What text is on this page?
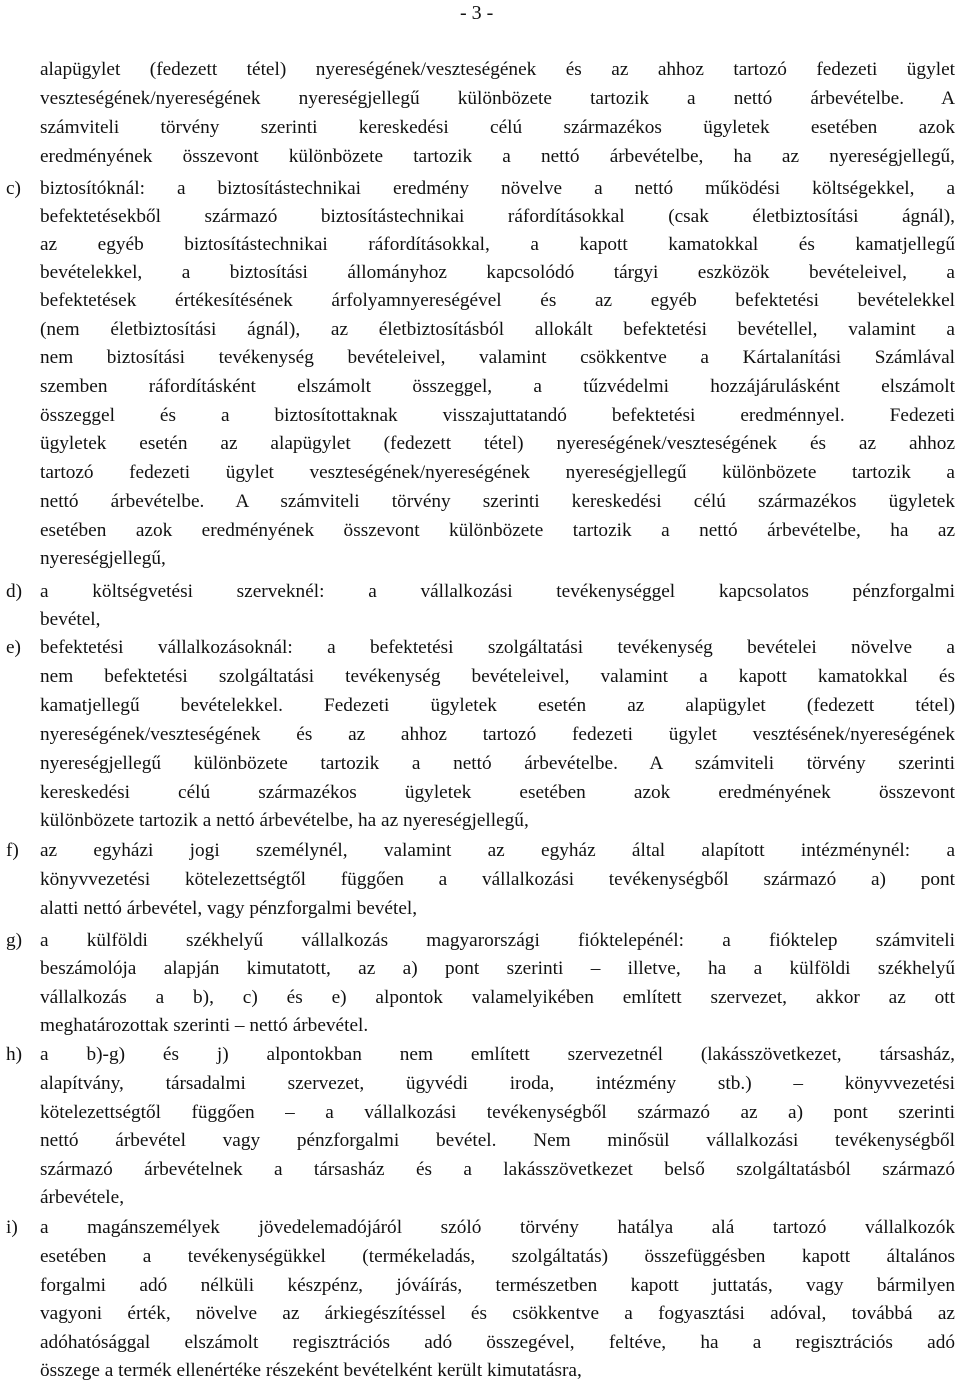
- 3 -
c)
d)
e)
f)
g)
h)
i)
alapügylet (fedezett tétel) nyereségének/veszteségének és az ahhoz tartozó fedezeti ügylet
veszteségének/nyereségének nyereségjellegű különbözete tartozik a nettó árbevételbe. A
számviteli törvény szerinti kereskedési célú származékos ügyletek esetében azok
eredményének összevont különbözete tartozik a nettó árbevételbe, ha az nyereségjellegű,
biztosítóknál: a biztosítástechnikai eredmény növelve a nettó működési költségekkel, a
befektetésekből származó biztosítástechnikai ráfordításokkal (csak életbiztosítási ágnál),
az egyéb biztosítástechnikai ráfordításokkal, a kapott kamatokkal és kamatjellegű
bevételekkel, a biztosítási állományhoz kapcsolódó tárgyi eszközök bevételeivel, a
befektetések értékesítésének árfolyamnyereségével és az egyéb befektetési bevételekkel
(nem életbiztosítási ágnál), az életbiztosításból allokált befektetési bevétellel, valamint a
nem biztosítási tevékenység bevételeivel, valamint csökkentve a Kártalanítási Számlával
szemben ráfordításként elszámolt összeggel, a tűzvédelmi hozzájárulásként elszámolt
összeggel és a biztosítottaknak visszajuttatandó befektetési eredménnyel. Fedezeti
ügyletek esetén az alapügylet (fedezett tétel) nyereségének/veszteségének és az ahhoz
tartozó fedezeti ügylet veszteségének/nyereségének nyereségjellegű különbözete tartozik a
nettó árbevételbe. A számviteli törvény szerinti kereskedési célú származékos ügyletek
esetében azok eredményének összevont különbözete tartozik a nettó árbevételbe, ha az
nyereségjellegű,
a költségvetési szerveknél: a vállalkozási tevékenységgel kapcsolatos pénzforgalmi
bevétel,
befektetési vállalkozásoknál: a befektetési szolgáltatási tevékenység bevételei növelve a
nem befektetési szolgáltatási tevékenység bevételeivel, valamint a kapott kamatokkal és
kamatjellegű bevételekkel. Fedezeti ügyletek esetén az alapügylet (fedezett tétel)
nyereségének/veszteségének és az ahhoz tartozó fedezeti ügylet vesztésének/nyereségének
nyereségjellegű különbözete tartozik a nettó árbevételbe. A számviteli törvény szerinti
kereskedési célú származékos ügyletek esetében azok eredményének összevont
különbözete tartozik a nettó árbevételbe, ha az nyereségjellegű,
az egyházi jogi személynél, valamint az egyház által alapított intézménynél: a
könyvvezetési kötelezettségtől függően a vállalkozási tevékenységből származó a) pont
alatti nettó árbevétel, vagy pénzforgalmi bevétel,
a külföldi székhelyű vállalkozás magyarországi fióktelepénél: a fióktelep számviteli
beszámolója alapján kimutatott, az a) pont szerinti – illetve, ha a külföldi székhelyű
vállalkozás a b), c) és e) alpontok valamelyikében említett szervezet, akkor az ott
meghatározottak szerinti – nettó árbevétel.
a b)-g) és j) alpontokban nem említett szervezetnél (lakásszövetkezet, társasház,
alapítvány, társadalmi szervezet, ügyvédi iroda, intézmény stb.) – könyvvezetési
kötelezettségtől függően – a vállalkozási tevékenységből származó az a) pont szerinti
nettó árbevétel vagy pénzforgalmi bevétel. Nem minősül vállalkozási tevékenységből
származó árbevételnek a társasház és a lakásszövetkezet belső szolgáltatásból származó
árbevétele,
a magánszemélyek jövedelemadójáról szóló törvény hatálya alá tartozó vállalkozók
esetében a tevékenységükkel (termékeladás, szolgáltatás) összefüggésben kapott általános
forgalmi adó nélküli készpénz, jóváírás, természetben kapott juttatás, vagy bármilyen
vagyoni érték, növelve az árkiegészítéssel és csökkentve a fogyasztási adóval, továbbá az
adóhatósággal elszámolt regisztrációs adó összegével, feltéve, ha a regisztrációs adó
összege a termék ellenértéke részeként bevételként került kimutatásra,
